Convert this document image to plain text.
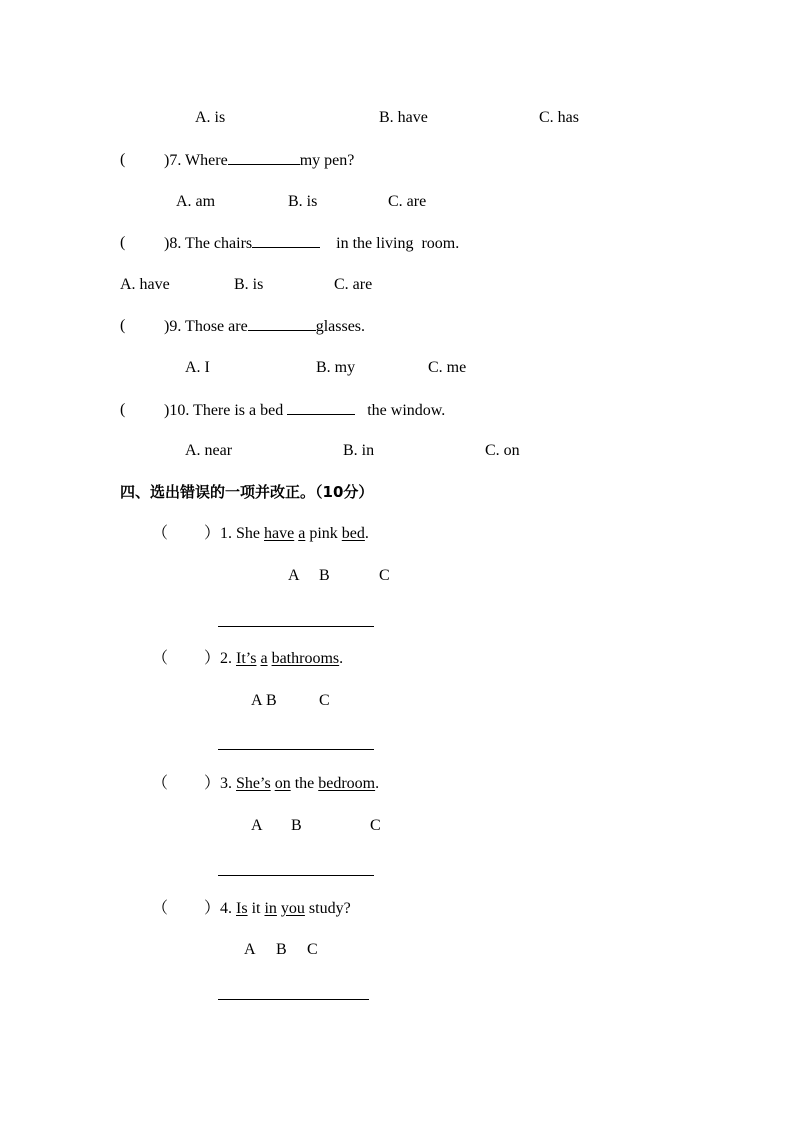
A. is	B. have	C. has
( )7. Where	my pen?
A. am	B. is	C. are
( )8. The chairs	in the living  room.
A. have	B. is	C. are
( )9. Those are	glasses.
A. I	B. my	C. me
( )10. There is a bed	the window.
A. near	B. in	C. on
四、选出错误的一项并改正。（10分）
（ ）1. She have a pink bed.
A B	C
（ ）2. It’s a bathrooms.
A B	C
（ ）3. She’s on the bedroom.
A B	C
（ ）4. Is it in you study?
A B C
